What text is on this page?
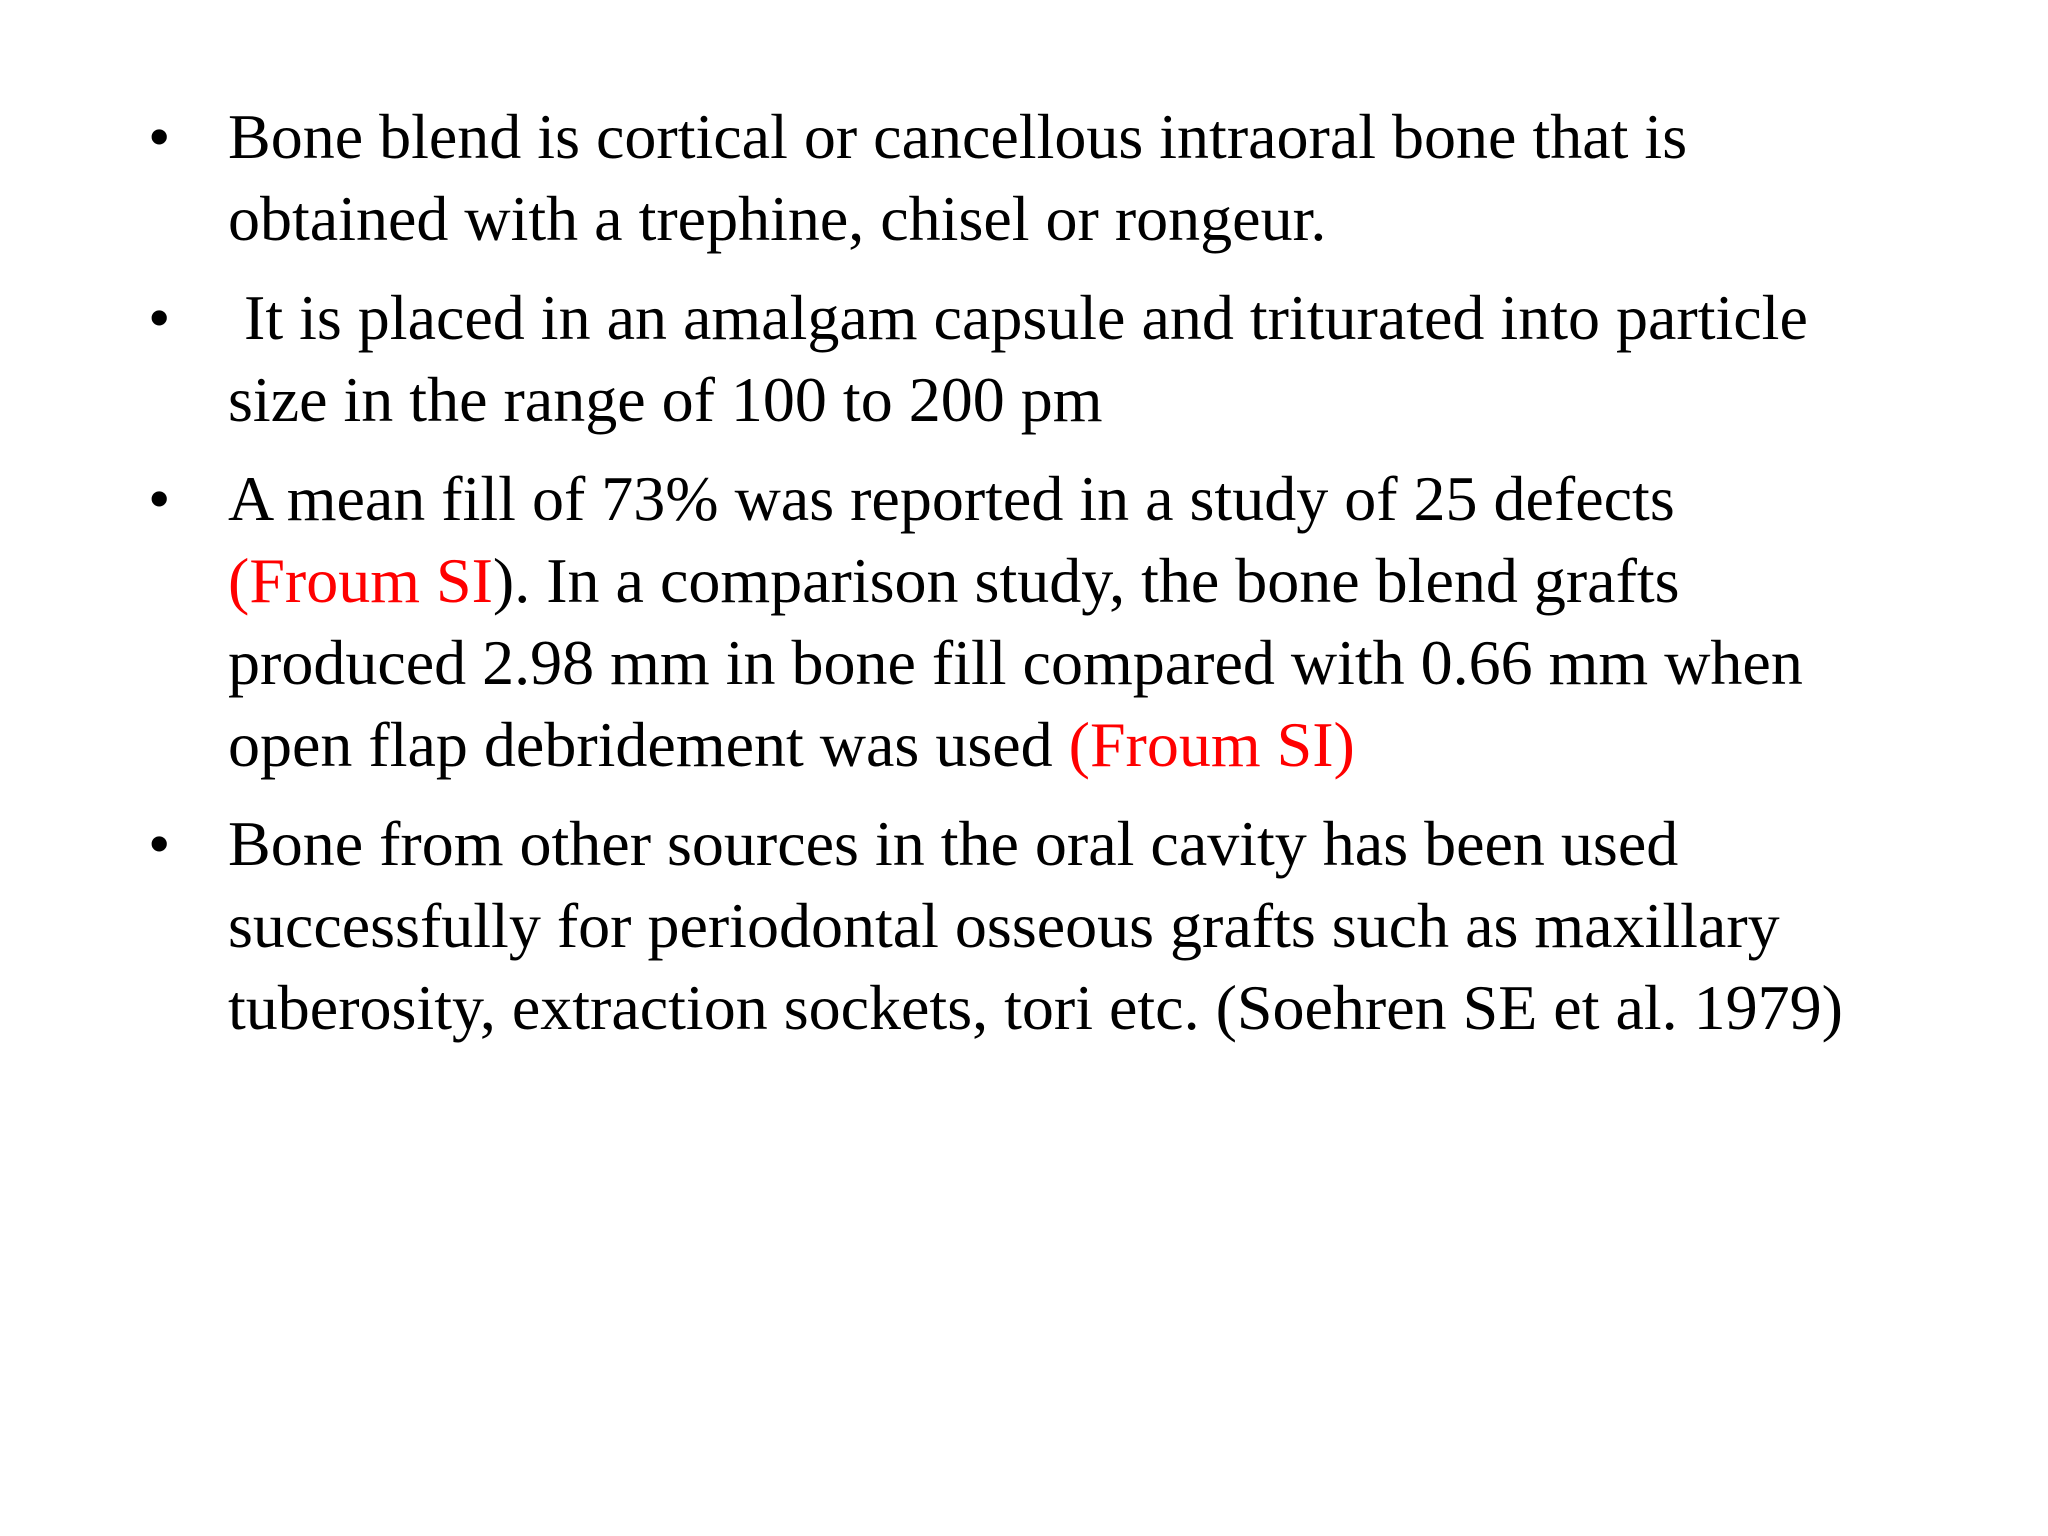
• Bone blend is cortical or cancellous intraoral bone that is
obtained with a trephine, chisel or rongeur.
• It is placed in an amalgam capsule and triturated into particle
size in the range of 100 to 200 pm
• A mean fill of 73% was reported in a study of 25 defects
(Froum SI). In a comparison study, the bone blend grafts
produced 2.98 mm in bone fill compared with 0.66 mm when
open flap debridement was used (Froum SI)
• Bone from other sources in the oral cavity has been used
successfully for periodontal osseous grafts such as maxillary
tuberosity, extraction sockets, tori etc. (Soehren SE et al. 1979)
